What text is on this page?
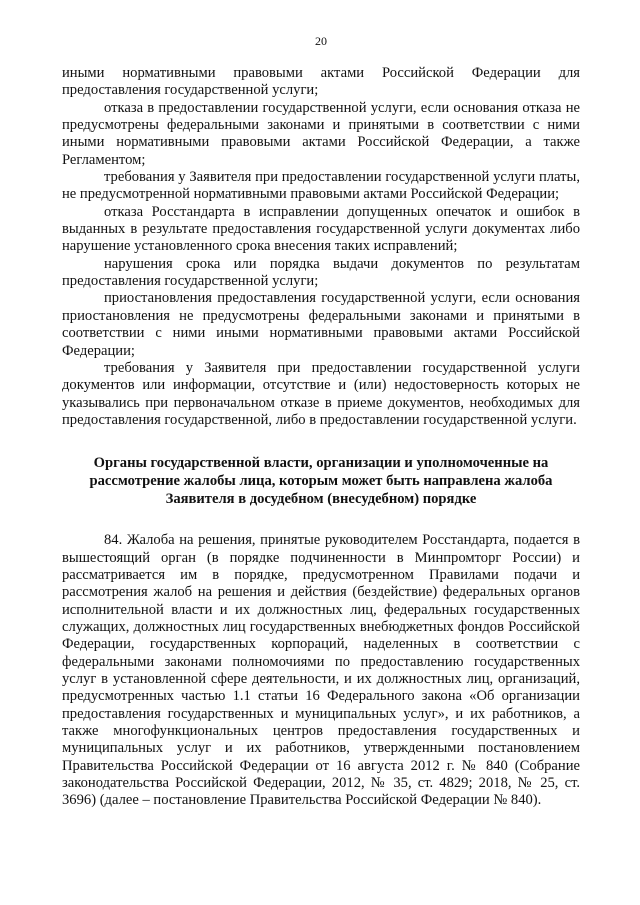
20

иными нормативными правовыми актами Российской Федерации для предоставления государственной услуги;

отказа в предоставлении государственной услуги, если основания отказа не предусмотрены федеральными законами и принятыми в соответствии с ними иными нормативными правовыми актами Российской Федерации, а также Регламентом;

требования у Заявителя при предоставлении государственной услуги платы, не предусмотренной нормативными правовыми актами Российской Федерации;

отказа Росстандарта в исправлении допущенных опечаток и ошибок в выданных в результате предоставления государственной услуги документах либо нарушение установленного срока внесения таких исправлений;

нарушения срока или порядка выдачи документов по результатам предоставления государственной услуги;

приостановления предоставления государственной услуги, если основания приостановления не предусмотрены федеральными законами и принятыми в соответствии с ними иными нормативными правовыми актами Российской Федерации;

требования у Заявителя при предоставлении государственной услуги документов или информации, отсутствие и (или) недостоверность которых не указывались при первоначальном отказе в приеме документов, необходимых для предоставления государственной, либо в предоставлении государственной услуги.

Органы государственной власти, организации и уполномоченные на рассмотрение жалобы лица, которым может быть направлена жалоба Заявителя в досудебном (внесудебном) порядке

84. Жалоба на решения, принятые руководителем Росстандарта, подается в вышестоящий орган (в порядке подчиненности в Минпромторг России) и рассматривается им в порядке, предусмотренном Правилами подачи и рассмотрения жалоб на решения и действия (бездействие) федеральных органов исполнительной власти и их должностных лиц, федеральных государственных служащих, должностных лиц государственных внебюджетных фондов Российской Федерации, государственных корпораций, наделенных в соответствии с федеральными законами полномочиями по предоставлению государственных услуг в установленной сфере деятельности, и их должностных лиц, организаций, предусмотренных частью 1.1 статьи 16 Федерального закона «Об организации предоставления государственных и муниципальных услуг», и их работников, а также многофункциональных центров предоставления государственных и муниципальных услуг и их работников, утвержденными постановлением Правительства Российской Федерации от 16 августа 2012 г. № 840 (Собрание законодательства Российской Федерации, 2012, № 35, ст. 4829; 2018, № 25, ст. 3696) (далее – постановление Правительства Российской Федерации № 840).
